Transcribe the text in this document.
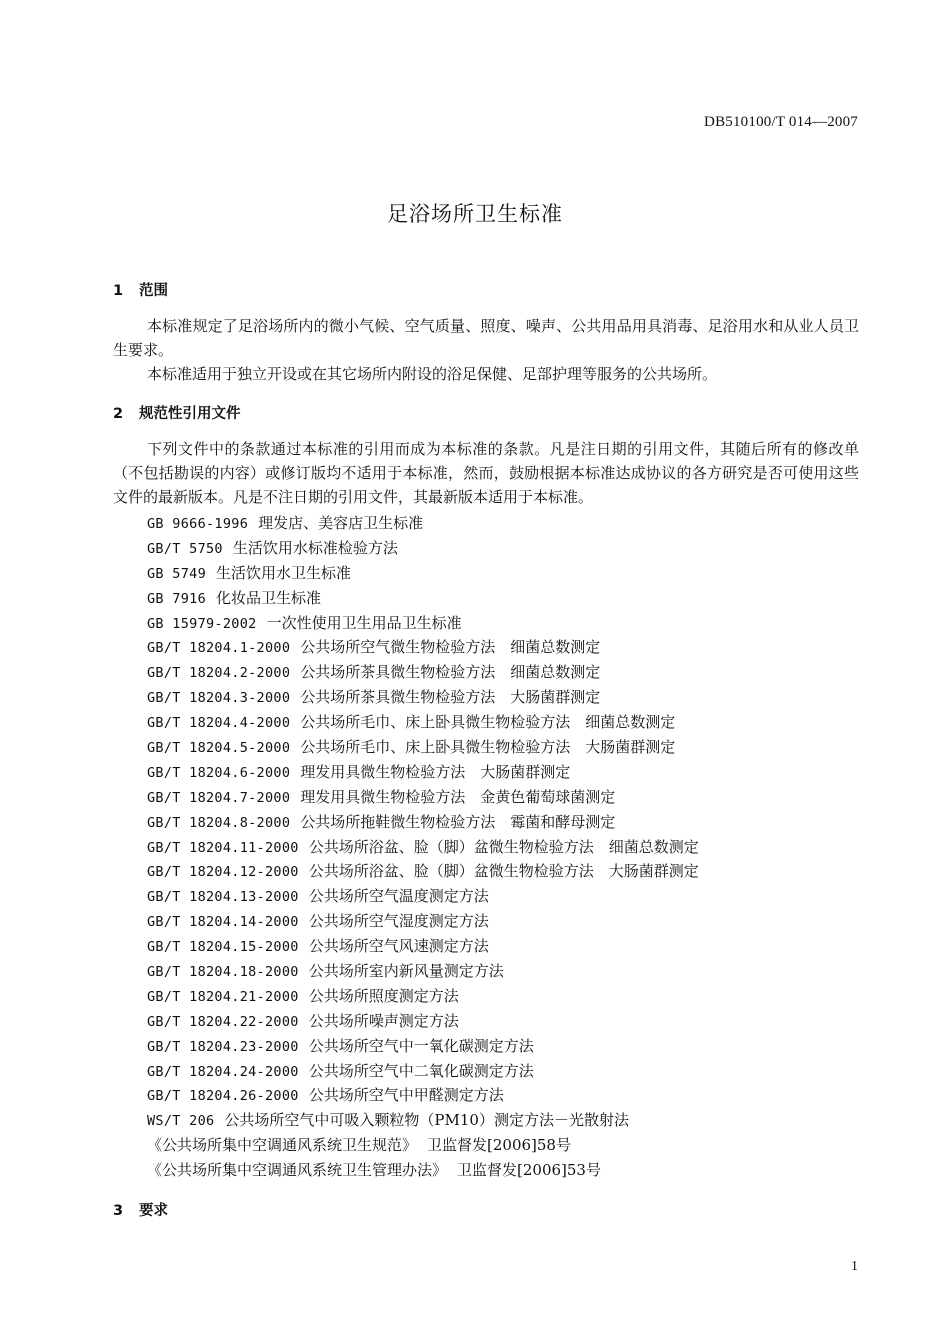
DB510100/T 014—2007
足浴场所卫生标准
1 范围

本标准规定了足浴场所内的微小气候、空气质量、照度、噪声、公共用品用具消毒、足浴用水和从业人员卫生要求。

本标准适用于独立开设或在其它场所内附设的浴足保健、足部护理等服务的公共场所。

2 规范性引用文件

下列文件中的条款通过本标准的引用而成为本标准的条款。凡是注日期的引用文件，其随后所有的修改单（不包括勘误的内容）或修订版均不适用于本标准，然而，鼓励根据本标准达成协议的各方研究是否可使用这些文件的最新版本。凡是不注日期的引用文件，其最新版本适用于本标准。

GB 9666-1996 理发店、美容店卫生标准
GB/T 5750 生活饮用水标准检验方法
GB 5749 生活饮用水卫生标准
GB 7916 化妆品卫生标准
GB 15979-2002 一次性使用卫生用品卫生标准
GB/T 18204.1-2000 公共场所空气微生物检验方法　细菌总数测定
GB/T 18204.2-2000 公共场所茶具微生物检验方法　细菌总数测定
GB/T 18204.3-2000 公共场所茶具微生物检验方法　大肠菌群测定
GB/T 18204.4-2000 公共场所毛巾、床上卧具微生物检验方法　细菌总数测定
GB/T 18204.5-2000 公共场所毛巾、床上卧具微生物检验方法　大肠菌群测定
GB/T 18204.6-2000 理发用具微生物检验方法　大肠菌群测定
GB/T 18204.7-2000 理发用具微生物检验方法　金黄色葡萄球菌测定
GB/T 18204.8-2000 公共场所拖鞋微生物检验方法　霉菌和酵母测定
GB/T 18204.11-2000 公共场所浴盆、脸（脚）盆微生物检验方法　细菌总数测定
GB/T 18204.12-2000 公共场所浴盆、脸（脚）盆微生物检验方法　大肠菌群测定
GB/T 18204.13-2000 公共场所空气温度测定方法
GB/T 18204.14-2000 公共场所空气湿度测定方法
GB/T 18204.15-2000 公共场所空气风速测定方法
GB/T 18204.18-2000 公共场所室内新风量测定方法
GB/T 18204.21-2000 公共场所照度测定方法
GB/T 18204.22-2000 公共场所噪声测定方法
GB/T 18204.23-2000 公共场所空气中一氧化碳测定方法
GB/T 18204.24-2000 公共场所空气中二氧化碳测定方法
GB/T 18204.26-2000 公共场所空气中甲醛测定方法
WS/T 206 公共场所空气中可吸入颗粒物（PM10）测定方法－光散射法
《公共场所集中空调通风系统卫生规范》 卫监督发[2006]58号
《公共场所集中空调通风系统卫生管理办法》 卫监督发[2006]53号
3 要求
1
